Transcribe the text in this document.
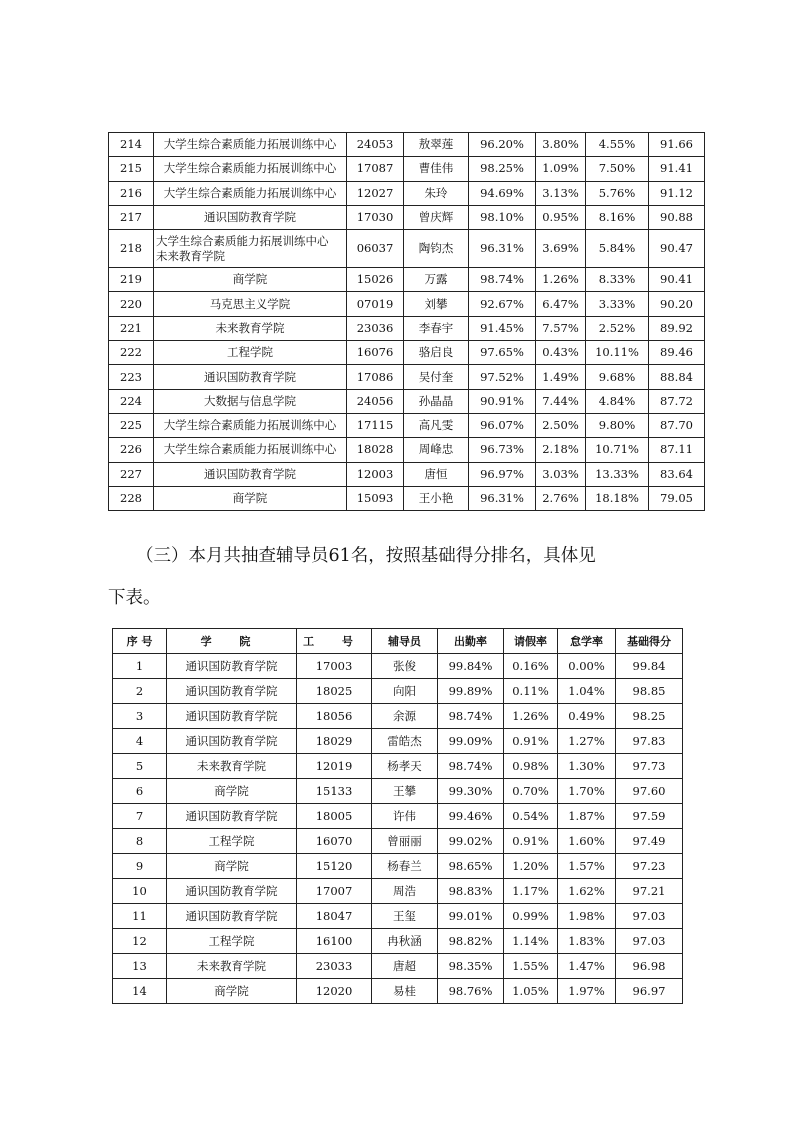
214	大学生综合素质能力拓展训练中心	24053	敖翠莲	96.20%	3.80%	4.55%	91.66
215	大学生综合素质能力拓展训练中心	17087	曹佳伟	98.25%	1.09%	7.50%	91.41
216	大学生综合素质能力拓展训练中心	12027	朱玲	94.69%	3.13%	5.76%	91.12
217	通识国防教育学院	17030	曾庆辉	98.10%	0.95%	8.16%	90.88
218	大学生综合素质能力拓展训练中心
未来教育学院	06037	陶钧杰	96.31%	3.69%	5.84%	90.47
219	商学院	15026	万露	98.74%	1.26%	8.33%	90.41
220	马克思主义学院	07019	刘攀	92.67%	6.47%	3.33%	90.20
221	未来教育学院	23036	李春宇	91.45%	7.57%	2.52%	89.92
222	工程学院	16076	骆启良	97.65%	0.43%	10.11%	89.46
223	通识国防教育学院	17086	吴付奎	97.52%	1.49%	9.68%	88.84
224	大数据与信息学院	24056	孙晶晶	90.91%	7.44%	4.84%	87.72
225	大学生综合素质能力拓展训练中心	17115	高凡雯	96.07%	2.50%	9.80%	87.70
226	大学生综合素质能力拓展训练中心	18028	周峰忠	96.73%	2.18%	10.71%	87.11
227	通识国防教育学院	12003	唐恒	96.97%	3.03%	13.33%	83.64
228	商学院	15093	王小艳	96.31%	2.76%	18.18%	79.05

（三）本月共抽查辅导员61名，按照基础得分排名，具体见

下表。

序 号	学 院	工 号	辅导员	出勤率	请假率	怠学率	基础得分
1	通识国防教育学院	17003	张俊	99.84%	0.16%	0.00%	99.84
2	通识国防教育学院	18025	向阳	99.89%	0.11%	1.04%	98.85
3	通识国防教育学院	18056	余源	98.74%	1.26%	0.49%	98.25
4	通识国防教育学院	18029	雷皓杰	99.09%	0.91%	1.27%	97.83
5	未来教育学院	12019	杨孝天	98.74%	0.98%	1.30%	97.73
6	商学院	15133	王攀	99.30%	0.70%	1.70%	97.60
7	通识国防教育学院	18005	许伟	99.46%	0.54%	1.87%	97.59
8	工程学院	16070	曾丽丽	99.02%	0.91%	1.60%	97.49
9	商学院	15120	杨春兰	98.65%	1.20%	1.57%	97.23
10	通识国防教育学院	17007	周浩	98.83%	1.17%	1.62%	97.21
11	通识国防教育学院	18047	王玺	99.01%	0.99%	1.98%	97.03
12	工程学院	16100	冉秋涵	98.82%	1.14%	1.83%	97.03
13	未来教育学院	23033	唐超	98.35%	1.55%	1.47%	96.98
14	商学院	12020	易桂	98.76%	1.05%	1.97%	96.97
